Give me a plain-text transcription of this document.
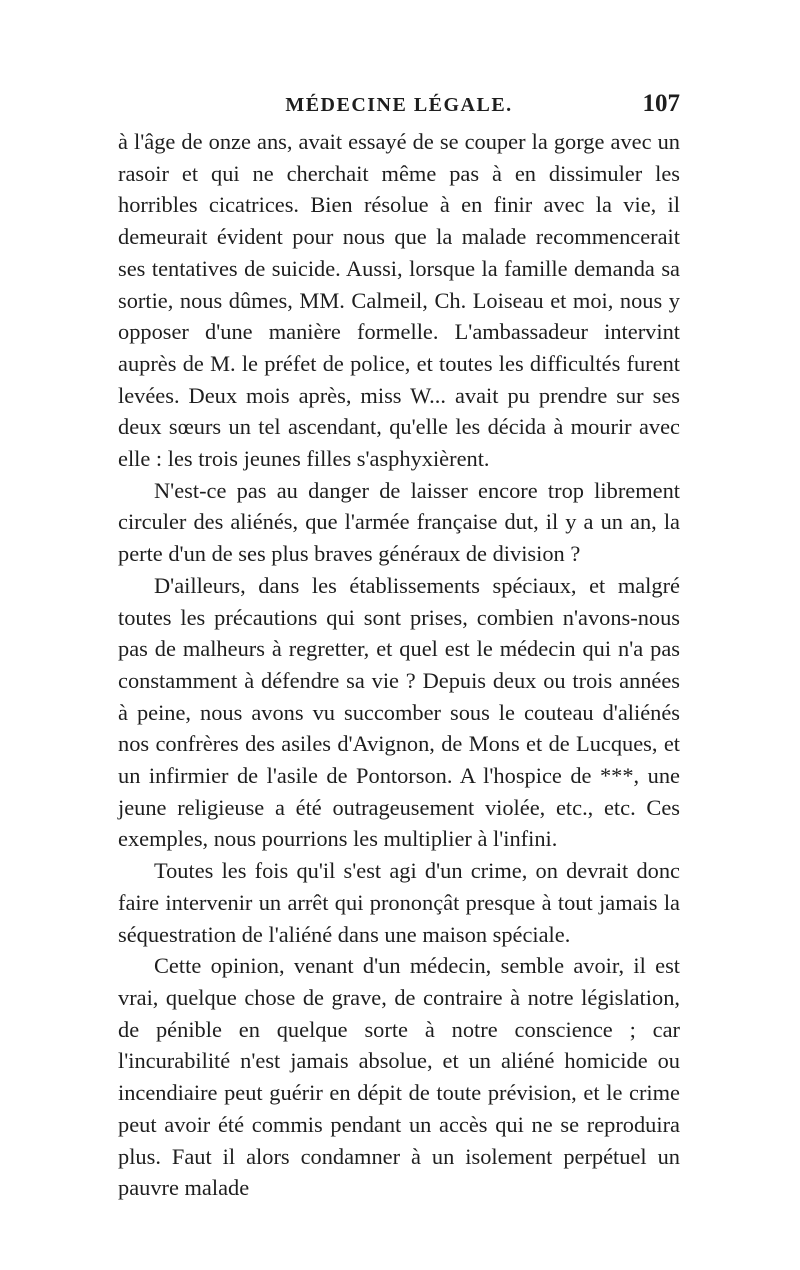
MÉDECINE LÉGALE.	107

à l'âge de onze ans, avait essayé de se couper la gorge avec un rasoir et qui ne cherchait même pas à en dissimuler les horribles cicatrices. Bien résolue à en finir avec la vie, il demeurait évident pour nous que la malade recommencerait ses tentatives de suicide. Aussi, lorsque la famille demanda sa sortie, nous dûmes, MM. Calmeil, Ch. Loiseau et moi, nous y opposer d'une manière formelle. L'ambassadeur intervint auprès de M. le préfet de police, et toutes les difficultés furent levées. Deux mois après, miss W... avait pu prendre sur ses deux sœurs un tel ascendant, qu'elle les décida à mourir avec elle : les trois jeunes filles s'asphyxièrent.

N'est-ce pas au danger de laisser encore trop librement circuler des aliénés, que l'armée française dut, il y a un an, la perte d'un de ses plus braves généraux de division ?

D'ailleurs, dans les établissements spéciaux, et malgré toutes les précautions qui sont prises, combien n'avons-nous pas de malheurs à regretter, et quel est le médecin qui n'a pas constamment à défendre sa vie ? Depuis deux ou trois années à peine, nous avons vu succomber sous le couteau d'aliénés nos confrères des asiles d'Avignon, de Mons et de Lucques, et un infirmier de l'asile de Pontorson. A l'hospice de ***, une jeune religieuse a été outrageusement violée, etc., etc. Ces exemples, nous pourrions les multiplier à l'infini.

Toutes les fois qu'il s'est agi d'un crime, on devrait donc faire intervenir un arrêt qui prononçât presque à tout jamais la séquestration de l'aliéné dans une maison spéciale.

Cette opinion, venant d'un médecin, semble avoir, il est vrai, quelque chose de grave, de contraire à notre législation, de pénible en quelque sorte à notre conscience ; car l'incurabilité n'est jamais absolue, et un aliéné homicide ou incendiaire peut guérir en dépit de toute prévision, et le crime peut avoir été commis pendant un accès qui ne se reproduira plus. Faut il alors condamner à un isolement perpétuel un pauvre malade
